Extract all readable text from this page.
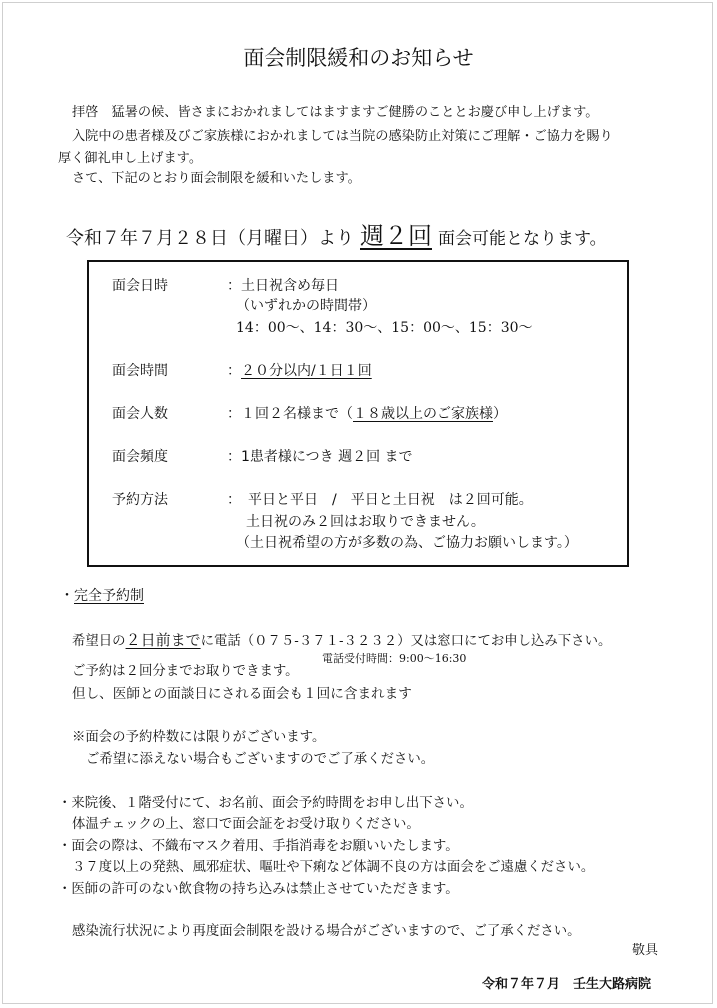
面会制限緩和のお知らせ
拝啓　猛暑の候、皆さまにおかれましてはますますご健勝のこととお慶び申し上げます。
入院中の患者様及びご家族様におかれましては当院の感染防止対策にご理解・ご協力を賜り
厚く御礼申し上げます。
さて、下記のとおり面会制限を緩和いたします。
令和７年７月２８日（月曜日）より 週２回 面会可能となります。
面会日時	：土日祝含め毎日
（いずれかの時間帯）
14：00～、14：30～、15：00～、15：30～
面会時間	：２０分以内/１日１回
面会人数	：１回２名様まで（１８歳以上のご家族様）
面会頻度	：1患者様につき 週２回 まで
予約方法	：　平日と平日　/　平日と土日祝　は２回可能。
土日祝のみ２回はお取りできません。
（土日祝希望の方が多数の為、ご協力お願いします。）
・完全予約制
希望日の２日前までに電話（０７５-３７１-３２３２）又は窓口にてお申し込み下さい。
電話受付時間：9:00～16:30
ご予約は２回分までお取りできます。
但し、医師との面談日にされる面会も１回に含まれます
※面会の予約枠数には限りがございます。
ご希望に添えない場合もございますのでご了承ください。
・来院後、１階受付にて、お名前、面会予約時間をお申し出下さい。
体温チェックの上、窓口で面会証をお受け取りください。
・面会の際は、不織布マスク着用、手指消毒をお願いいたします。
３７度以上の発熱、風邪症状、嘔吐や下痢など体調不良の方は面会をご遠慮ください。
・医師の許可のない飲食物の持ち込みは禁止させていただきます。
感染流行状況により再度面会制限を設ける場合がございますので、ご了承ください。
敬具
令和７年７月　壬生大路病院
